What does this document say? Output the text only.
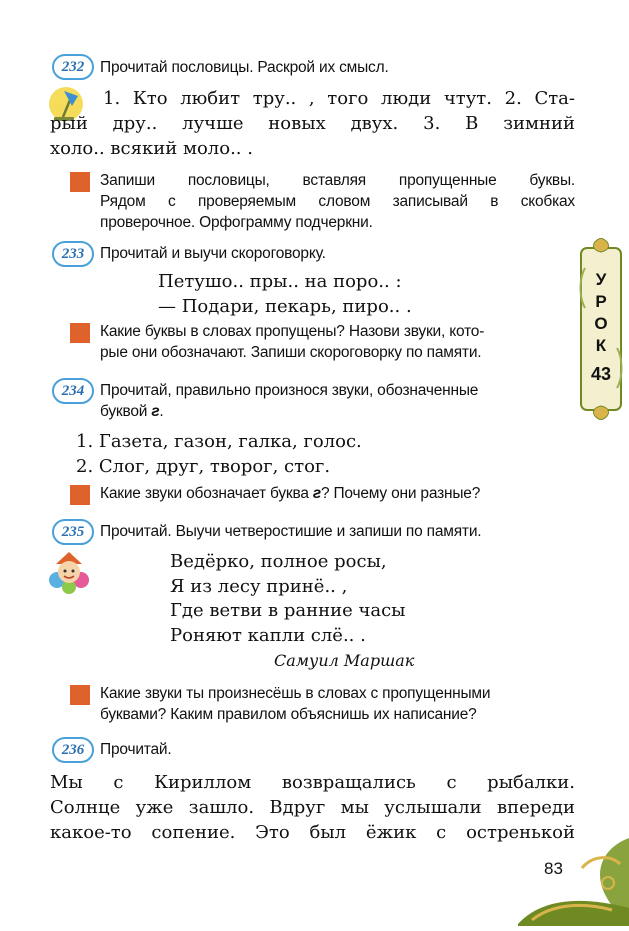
232	Прочитай пословицы. Раскрой их смысл.
1. Кто любит тру.. , того люди чтут. 2. Ста-
рый дру.. лучше новых двух. 3. В зимний
холо.. всякий моло.. .
Запиши пословицы, вставляя пропущенные буквы.
Рядом с проверяемым словом записывай в скобках
проверочное. Орфограмму подчеркни.
233	Прочитай и выучи скороговорку.
Петушо.. пры.. на поро.. :
— Подари, пекарь, пиро.. .
Какие буквы в словах пропущены? Назови звуки, кото-
рые они обозначают. Запиши скороговорку по памяти.
У
Р
О
К
43
234	Прочитай, правильно произнося звуки, обозначенные
буквой г.
1. Газета, газон, галка, голос.
2. Слог, друг, творог, стог.
Какие звуки обозначает буква г? Почему они разные?
235	Прочитай. Выучи четверостишие и запиши по памяти.
Ведёрко, полное росы,
Я из лесу принё.. ,
Где ветви в ранние часы
Роняют капли слё.. .
Самуил Маршак
Какие звуки ты произнесёшь в словах с пропущенными
буквами? Каким правилом объяснишь их написание?
236	Прочитай.
Мы с Кириллом возвращались с рыбалки.
Солнце уже зашло. Вдруг мы услышали впереди
какое-то сопение. Это был ёжик с остренькой
83
